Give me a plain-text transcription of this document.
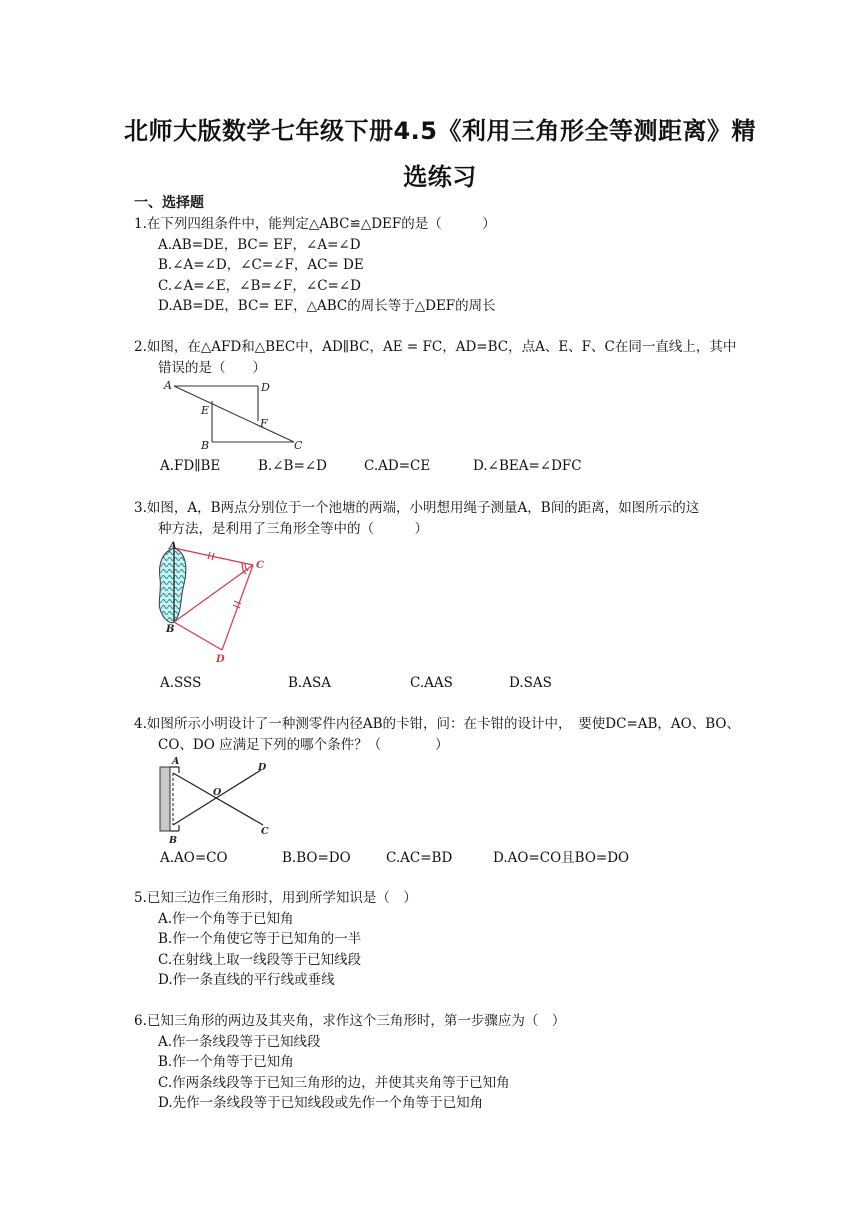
北师大版数学七年级下册4.5《利用三角形全等测距离》精选练习
一、选择题
1.在下列四组条件中，能判定△ABC≌△DEF的是（　　　）
A.AB=DE，BC= EF，∠A=∠D
B.∠A=∠D，∠C=∠F，AC= DE
C.∠A=∠E，∠B=∠F，∠C=∠D
D.AB=DE，BC= EF，△ABC的周长等于△DEF的周长
2.如图，在△AFD和△BEC中，AD∥BC，AE = FC，AD=BC，点A、E、F、C在同一直线上，其中
错误的是（　　）
A	D
E
F
B	C
A.FD∥BE	B.∠B=∠D	C.AD=CE	D.∠BEA=∠DFC
3.如图，A，B两点分别位于一个池塘的两端，小明想用绳子测量A，B间的距离，如图所示的这
种方法，是利用了三角形全等中的（　　　）
A
C
B
D
A.SSS	B.ASA	C.AAS	D.SAS
4.如图所示小明设计了一种测零件内径AB的卡钳，问：在卡钳的设计中，　要使DC=AB，AO、BO、
CO、DO 应满足下列的哪个条件？（　　　　）
A
D
O
B
C
A.AO=CO	B.BO=DO	C.AC=BD	D.AO=CO且BO=DO
5.已知三边作三角形时，用到所学知识是（　）
A.作一个角等于已知角
B.作一个角使它等于已知角的一半
C.在射线上取一线段等于已知线段
D.作一条直线的平行线或垂线
6.已知三角形的两边及其夹角，求作这个三角形时，第一步骤应为（　）
A.作一条线段等于已知线段
B.作一个角等于已知角
C.作两条线段等于已知三角形的边，并使其夹角等于已知角
D.先作一条线段等于已知线段或先作一个角等于已知角
